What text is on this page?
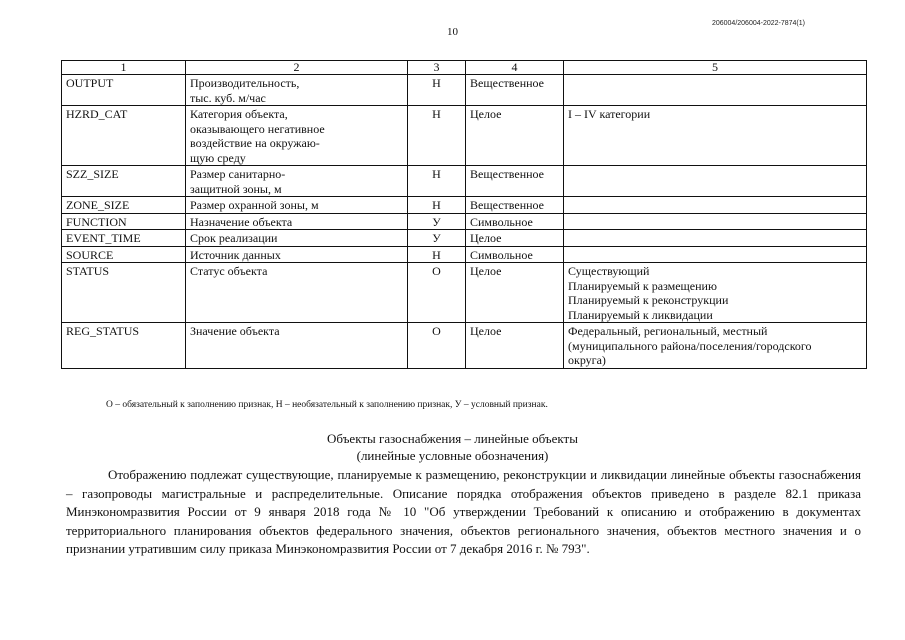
10
206004/206004-2022-7874(1)
1	2	3	4	5

OUTPUT	Производительность,
тыс. куб. м/час	Н	Вещественное	

HZRD_CAT	Категория объекта,
оказывающего негативное
воздействие на окружаю-
щую среду	Н	Целое	I – IV категории

SZZ_SIZE	Размер санитарно-
защитной зоны, м	Н	Вещественное	

ZONE_SIZE	Размер охранной зоны, м	Н	Вещественное	

FUNCTION	Назначение объекта	У	Символьное	

EVENT_TIME	Срок реализации	У	Целое	

SOURCE	Источник данных	Н	Символьное	

STATUS	Статус объекта	О	Целое	Существующий
Планируемый к размещению
Планируемый к реконструкции
Планируемый к ликвидации

REG_STATUS	Значение объекта	О	Целое	Федеральный, региональный, местный
(муниципального района/поселения/городского
округа)
О – обязательный к заполнению признак, Н – необязательный к заполнению признак, У – условный признак.
Объекты газоснабжения – линейные объекты
(линейные условные обозначения)

Отображению подлежат существующие, планируемые к размещению, реконструкции и ликвидации линейные объекты газоснабжения – газопроводы магистральные и распределительные. Описание порядка отображения объектов приведено в разделе 82.1 приказа Минэкономразвития России от 9 января 2018 года № 10 "Об утверждении Требований к описанию и отображению в документах территориального планирования объектов федерального значения, объектов регионального значения, объектов местного значения и о признании утратившим силу приказа Минэкономразвития России от 7 декабря 2016 г. № 793".
